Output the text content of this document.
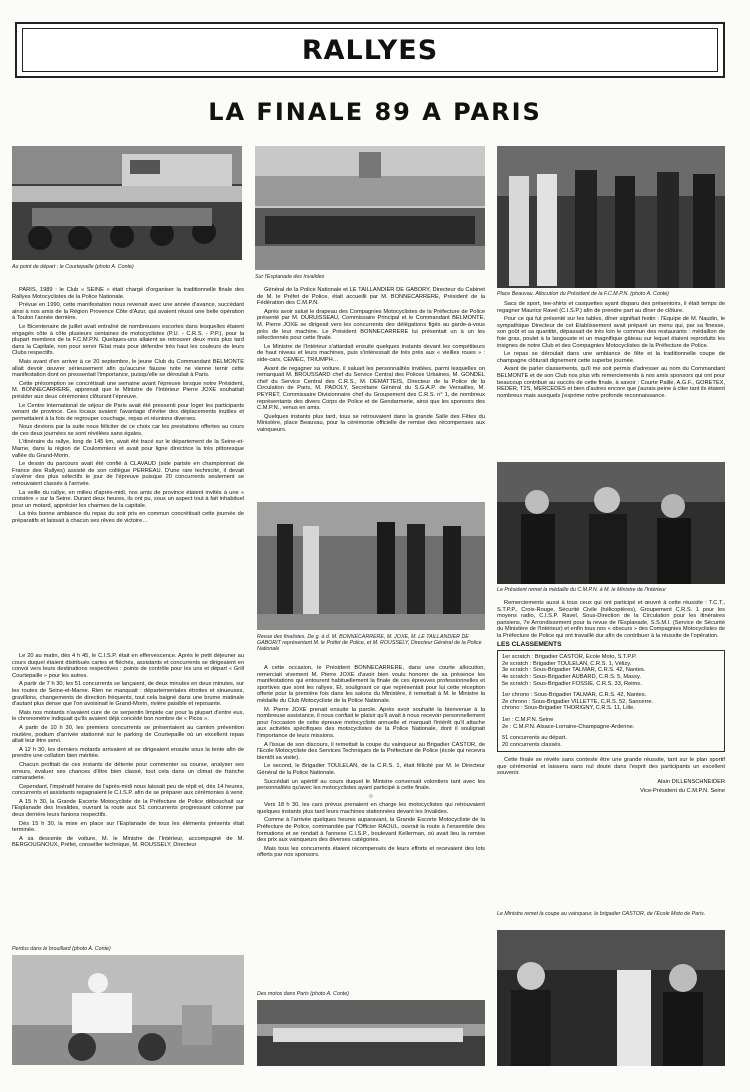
RALLYES
LA FINALE 89 A PARIS
Au point de départ : le Courtepaille (photo A. Conte)
Sur l'Esplanade des Invalides
Place Beauvau. Allocution du Président de la F.C.M.P.N. (photo A. Conte)
Le Président remet la médaille du C.M.P.N. à M. le Ministre de l'Intérieur
Revue des finalistes. De g. à d. M. BONNECARRERE, M. JOXE, M. LE TAILLANDIER DE GABORIT représentant M. le Préfet de Police, et M. ROUSSELY, Directeur Général de la Police Nationale
Perdus dans le brouillard (photo A. Conte)
Des motos dans Paris (photo A. Conte)
Le Ministre remet la coupe au vainqueur, le brigadier CASTOR, de l'Ecole Moto de Paris.

PARIS, 1989 : le Club « SEINE » était chargé d'organiser la traditionnelle finale des Rallyes Motocyclistes de la Police Nationale.

Prévue en 1990, cette manifestation nous revenait avec une année d'avance, succédant ainsi à nos amis de la Région Provence Côte d'Azur, qui avaient réussi une belle opération à Toulon l'année dernière.

Le Bicentenaire de juillet avait entraîné de nombreuses escortes dans lesquelles étaient engagés côte à côte plusieurs centaines de motocyclistes (P.U. - C.R.S. - P.P.), pour la plupart membres de la F.C.M.P.N. Quelques-uns allaient se retrouver deux mois plus tard dans la Capitale, non pour servir l'Etat mais pour défendre très haut les couleurs de leurs Clubs respectifs.

Mais avant d'en arriver à ce 20 septembre, le jeune Club du Commandant BELMONTE allait devoir œuvrer sérieusement afin qu'aucune fausse note ne vienne ternir cette manifestation dont on pressentait l'importance, puisqu'elle se déroulait à Paris.

Cette présomption se concrétisait une semaine avant l'épreuve lorsque notre Président, M. BONNECARRERE, apprenait que le Ministre de l'Intérieur Pierre JOXE souhaitait présider aux deux cérémonies clôturant l'épreuve.

Le Centre International de séjour de Paris avait été pressenti pour loger les participants venant de province. Ces locaux avaient l'avantage d'éviter des déplacements inutiles et permettaient à la fois de regrouper couchage, repas et réunions diverses.

Nous devions par la suite nous féliciter de ce choix car les prestations offertes au cours de ces deux journées se sont révélées sans égales.

L'itinéraire du rallye, long de 145 km, avait été tracé sur le département de la Seine-et-Marne, dans la région de Coulommiers et avait pour ligne directrice la très pittoresque vallée du Grand-Morin.

Le dessin du parcours avait été confié à CLAVAUD (side pariste en championnat de France des Rallyes) assisté de son collègue PERREAU. D'une rare technicité, il devait s'avérer des plus sélectifs le jour de l'épreuve puisque 20 concurrents seulement se retrouvaient classés à l'arrivée.

La veille du rallye, en milieu d'après-midi, nos amis de province étaient invités à une « croisière » sur la Seine. Durant deux heures, ils ont pu, sous un aspect tout à fait inhabituel pour un motard, apprécier les charmes de la capitale.

La très bonne ambiance du repas du soir pris en commun concrétisait cette journée de préparatifs et laissait à chacun ses rêves de victoire…

Le 20 au matin, dès 4 h 45, le C.I.S.P. était en effervescence. Après le petit déjeuner au cours duquel étaient distribués cartes et fléchés, assistants et concurrents se dirigeaient en convoi vers leurs destinations respectives : points de contrôle pour les uns et départ « Grill Courtepaille » pour les autres.

A partir de 7 h 30, les 51 concurrents se lançaient, de deux minutes en deux minutes, sur les routes de Seine-et-Marne. Rien ne manquait : départementales étroites et sinueuses, gravillons, changements de direction fréquents, tout cela baigné dans une brume matinale d'autant plus dense que l'on avoisinait le Grand-Morin, rivière paisible et reposante.

Mais nos motards n'avaient cure de ce serpentin limpide car pour la plupart d'entre eux, le chronomètre indiquait qu'ils avaient déjà concédé bon nombre de « Picos ».

A partir de 10 h 30, les premiers concurrents se présentaient au camion prévention routière, podium d'arrivée stationné sur le parking de Courtepaille où un excellent repas allait leur être servi.

A 12 h 30, les derniers motards arrivaient et se dirigeaient ensuite sous la tente afin de prendre une collation bien méritée.

Chacun profitait de ces instants de détente pour commenter sa course, analyser ses erreurs, évaluer ses chances d'être bien classé, tout cela dans un climat de franche camaraderie.

Cependant, l'impératif horaire de l'après-midi nous laissait peu de répit et, dès 14 heures, concurrents et assistants regagnaient le C.I.S.P. afin de se préparer aux cérémonies à venir.

A 15 h 30, la Grande Escorte Motocycliste de la Préfecture de Police débouchait sur l'Esplanade des Invalides, ouvrant la route aux 51 concurrents progressant colonne par deux derrière leurs fanions respectifs.

Dès 15 h 30, la mise en place sur l'Esplanade de tous les éléments présents était terminée.

A sa descente de voiture, M. le Ministre de l'Intérieur, accompagné de M. BERGOUGNOUX, Préfet, conseiller technique, M. ROUSSELY, Directeur

Général de la Police Nationale et LE TAILLANDIER DE GABORY, Directeur du Cabinet de M. le Préfet de Police, était accueilli par M. BONNECARRERE, Président de la Fédération des C.M.P.N.

Après avoir salué le drapeau des Compagnies Motocyclistes de la Préfecture de Police présenté par M. DURUISSEAU, Commissaire Principal et le Commandant BELMONTE, M. Pierre JOXE se dirigeait vers les concurrents des délégations figés au garde-à-vous près de leur machine. Le Président BONNECARRERE lui présentait un à un les sélectionnés pour cette finale.

Le Ministre de l'Intérieur s'attardait ensuite quelques instants devant les compétiteurs de haut niveau et leurs machines, puis s'intéressait de très près aux « vieilles roues » : side-cars, CEMEC, TRIUMPH…

Avant de regagner sa voiture, il saluait les personnalités invitées, parmi lesquelles on remarquait M. BROUSSARD chef du Service Central des Polices Urbaines, M. GONDEL chef du Service Central des C.R.S., M. DEMATTEIS, Directeur de la Police de la Circulation de Paris, M. PADOLY, Secrétaire Général du S.G.A.P. de Versailles, M. PEYRET, Commissaire Divisionnaire chef du Groupement des C.R.S. n° 1, de nombreux représentants des divers Corps de Police et de Gendarmerie, ainsi que les sponsors des C.M.P.N., venus en amis.

Quelques instants plus tard, tous se retrouvaient dans la grande Salle des Fêtes du Ministère, place Beauvau, pour la cérémonie officielle de remise des récompenses aux vainqueurs.

A cette occasion, le Président BONNECARRERE, dans une courte allocution, remerciait vivement M. Pierre JOXE d'avoir bien voulu honorer de sa présence les manifestations qui entourent habituellement la finale de ces épreuves professionnelles et sportives que sont les rallyes. Et, soulignant ce que représentait pour lui cette réception offerte pour la première fois dans les salons du Ministère, il remettait à M. le Ministre la médaille du Club Motocycliste de la Police Nationale.

M. Pierre JOXE prenait ensuite la parole. Après avoir souhaité la bienvenue à la nombreuse assistance, il nous confiait le plaisir qu'il avait à nous recevoir personnellement pour l'occasion de cette épreuve motocycliste annuelle et marquait l'intérêt qu'il attache aux activités spécifiques des motocyclistes de la Police Nationale, dont il soulignait l'importance de leurs missions.

A l'issue de son discours, il remettait la coupe du vainqueur au Brigadier CASTOR, de l'Ecole Motocycliste des Services Techniques de la Préfecture de Police (école qui recevra bientôt sa visite).

Le second, le Brigadier TOULELAN, de la C.R.S. 1, était félicité par M. le Directeur Général de la Police Nationale.

Succédait un apéritif au cours duquel le Ministre conversait volontiers tant avec les personnalités qu'avec les motocyclistes ayant participé à cette finale.

☆

Vers 18 h 30, les cars prévus prenaient en charge les motocyclistes qui retrouvaient quelques instants plus tard leurs machines stationnées devant les Invalides.

Comme à l'arrivée quelques heures auparavant, la Grande Escorte Motocycliste de la Préfecture de Police, commandée par l'Officier RAOUL, ouvrait la route à l'ensemble des formations et se rendait à l'annexe C.I.S.P., boulevard Kellerman, où avait lieu la remise des prix aux vainqueurs des diverses catégories.

Mais tous les concurrents étaient récompensés de leurs efforts et recevaient des lots offerts par nos sponsors.

Sacs de sport, tee-shirts et casquettes ayant disparu des présentoirs, il était temps de regagner Maurice Ravel (C.I.S.P.) afin de prendre part au dîner de clôture.

Pour ce qui fut présenté sur les tables, dîner signifiait festin : l'Equipe de M. Naudin, le sympathique Directeur de cet Etablissement avait préparé un menu qui, par sa finesse, son goût et sa quantité, dépassait de très loin le commun des restaurants : médaillon de foie gras, poulet à la langouste et un magnifique gâteau sur lequel étaient reproduits les insignes de notre Club et des Compagnies Motocyclistes de la Préfecture de Police.

Le repas se déroulait dans une ambiance de fête et la traditionnelle coupe de champagne clôturait dignement cette superbe journée.

Avant de parler classements, qu'il me soit permis d'adresser au nom du Commandant BELMONTE et de son Club nos plus vifs remerciements à nos amis sponsors qui ont pour beaucoup contribué au succès de cette finale, à savoir : Courte Paille, A.G.F., GORETEX, REDER, T2S, MERCEDES et bien d'autres encore que j'aurais peine à citer tant ils étaient nombreux mais auxquels j'exprime notre profonde reconnaissance.

Remerciements aussi à tous ceux qui ont participé et œuvré à cette réussite : T.C.T., S.T.P.P., Croix-Rouge, Sécurité Civile (hélicoptères), Groupement C.R.S. 1 pour les moyens radio, C.I.S.P. Ravel, Sous-Direction de la Circulation pour les itinéraires parisiens, 7e Arrondissement pour la revue de l'Esplanade, S.S.M.I. (Service de Sécurité du Ministère de l'Intérieur) et enfin tous nos « obscurs » des Compagnies Motocyclistes de la Préfecture de Police qui ont travaillé dur afin de contribuer à la réussite de l'opération.

LES CLASSEMENTS

1er scratch : Brigadier CASTOR, Ecole Moto, S.T.P.P.
2e scratch : Brigadier TOULELAN, C.R.S. 1, Vélizy.
3e scratch : Sous-Brigadier TALMAR, C.R.S. 42, Nantes.
4e scratch : Sous-Brigadier AUBARD, C.R.S. 5, Massy.
5e scratch : Sous-Brigadier FOSSIE, C.R.S. 33, Reims.
1er chrono : Sous-Brigadier TALMAR, C.R.S. 42, Nantes.
2e chrono : Sous-Brigadier VILLETTE, C.R.S. 52, Sancerre.
chrono : Sous-Brigadier THORIGNY, C.R.S. 11, Lille.
1er : C.M.P.N. Seine
2e : C.M.P.N. Alsace-Lorraine-Champagne-Ardenne.
51 concurrents au départ.
20 concurrents classés.

Cette finale se révèle sans conteste être une grande réussite, tant sur le plan sportif que cérémonial et laissera sans nul doute dans l'esprit des participants un excellent souvenir.

Alain DILLENSCHNEIDER

Vice-Président du C.M.P.N. Seine
